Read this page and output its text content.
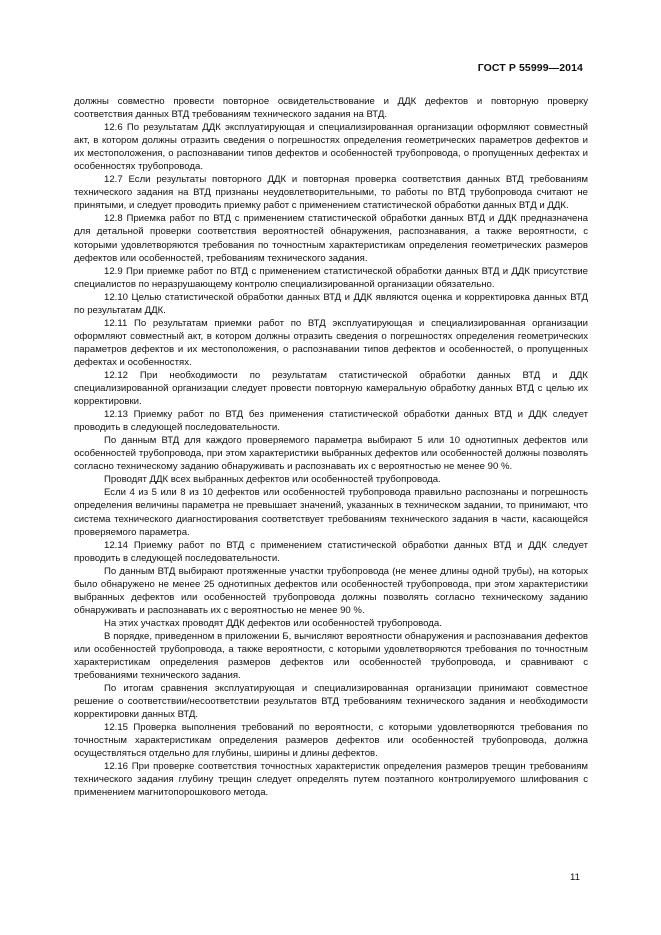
ГОСТ Р 55999—2014

должны совместно провести повторное освидетельствование и ДДК дефектов и повторную проверку соответствия данных ВТД требованиям технического задания на ВТД.

12.6 По результатам ДДК эксплуатирующая и специализированная организации оформляют совместный акт, в котором должны отразить сведения о погрешностях определения геометрических параметров дефектов и их местоположения, о распознавании типов дефектов и особенностей трубопровода, о пропущенных дефектах и особенностях трубопровода.

12.7 Если результаты повторного ДДК и повторная проверка соответствия данных ВТД требованиям технического задания на ВТД признаны неудовлетворительными, то работы по ВТД трубопровода считают не принятыми, и следует проводить приемку работ с применением статистической обработки данных ВТД и ДДК.

12.8 Приемка работ по ВТД с применением статистической обработки данных ВТД и ДДК предназначена для детальной проверки соответствия вероятностей обнаружения, распознавания, а также вероятности, с которыми удовлетворяются требования по точностным характеристикам определения геометрических размеров дефектов или особенностей, требованиям технического задания.

12.9 При приемке работ по ВТД с применением статистической обработки данных ВТД и ДДК присутствие специалистов по неразрушающему контролю специализированной организации обязательно.

12.10 Целью статистической обработки данных ВТД и ДДК являются оценка и корректировка данных ВТД по результатам ДДК.

12.11 По результатам приемки работ по ВТД эксплуатирующая и специализированная организации оформляют совместный акт, в котором должны отразить сведения о погрешностях определения геометрических параметров дефектов и их местоположения, о распознавании типов дефектов и особенностей, о пропущенных дефектах и особенностях.

12.12 При необходимости по результатам статистической обработки данных ВТД и ДДК специализированной организации следует провести повторную камеральную обработку данных ВТД с целью их корректировки.

12.13 Приемку работ по ВТД без применения статистической обработки данных ВТД и ДДК следует проводить в следующей последовательности.

По данным ВТД для каждого проверяемого параметра выбирают 5 или 10 однотипных дефектов или особенностей трубопровода, при этом характеристики выбранных дефектов или особенностей должны позволять согласно техническому заданию обнаруживать и распознавать их с вероятностью не менее 90 %.

Проводят ДДК всех выбранных дефектов или особенностей трубопровода.

Если 4 из 5 или 8 из 10 дефектов или особенностей трубопровода правильно распознаны и погрешность определения величины параметра не превышает значений, указанных в техническом задании, то принимают, что система технического диагностирования соответствует требованиям технического задания в части, касающейся проверяемого параметра.

12.14 Приемку работ по ВТД с применением статистической обработки данных ВТД и ДДК следует проводить в следующей последовательности.

По данным ВТД выбирают протяженные участки трубопровода (не менее длины одной трубы), на которых было обнаружено не менее 25 однотипных дефектов или особенностей трубопровода, при этом характеристики выбранных дефектов или особенностей трубопровода должны позволять согласно техническому заданию обнаруживать и распознавать их с вероятностью не менее 90 %.

На этих участках проводят ДДК дефектов или особенностей трубопровода.

В порядке, приведенном в приложении Б, вычисляют вероятности обнаружения и распознавания дефектов или особенностей трубопровода, а также вероятности, с которыми удовлетворяются требования по точностным характеристикам определения размеров дефектов или особенностей трубопровода, и сравнивают с требованиями технического задания.

По итогам сравнения эксплуатирующая и специализированная организации принимают совместное решение о соответствии/несоответствии результатов ВТД требованиям технического задания и необходимости корректировки данных ВТД.

12.15 Проверка выполнения требований по вероятности, с которыми удовлетворяются требования по точностным характеристикам определения размеров дефектов или особенностей трубопровода, должна осуществляться отдельно для глубины, ширины и длины дефектов.

12.16 При проверке соответствия точностных характеристик определения размеров трещин требованиям технического задания глубину трещин следует определять путем поэтапного контролируемого шлифования с применением магнитопорошкового метода.

11
